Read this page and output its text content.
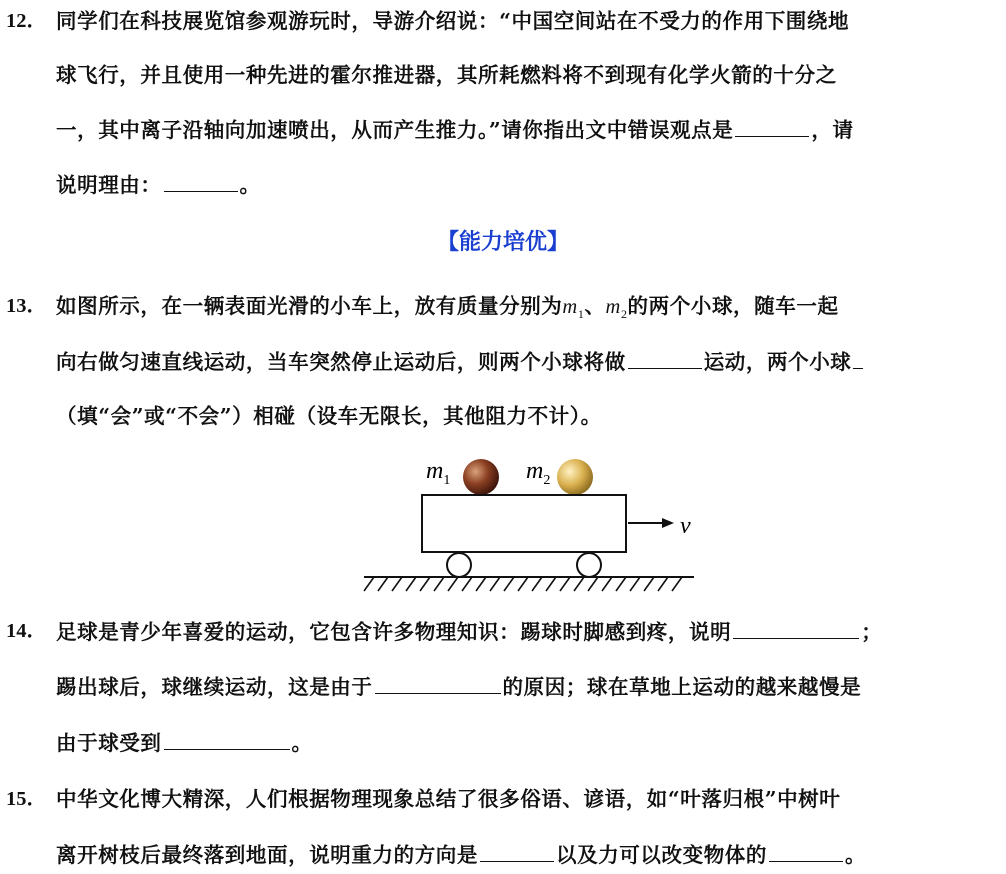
12． 同学们在科技展览馆参观游玩时，导游介绍说：“中国空间站在不受力的作用下围绕地
球飞行，并且使用一种先进的霍尔推进器，其所耗燃料将不到现有化学火箭的十分之
一，其中离子沿轴向加速喷出，从而产生推力。”请你指出文中错误观点是	，请
说明理由：	。
【能力培优】
13． 如图所示，在一辆表面光滑的小车上，放有质量分别为$m_1$、$m_2$的两个小球，随车一起
向右做匀速直线运动，当车突然停止运动后，则两个小球将做	运动，两个小球
（填“会”或“不会”）相碰（设车无限长，其他阻力不计）。
$m_1$	$m_2$
v
14． 足球是青少年喜爱的运动，它包含许多物理知识：踢球时脚感到疼，说明	；
踢出球后，球继续运动，这是由于	的原因；球在草地上运动的越来越慢是
由于球受到	。
15． 中华文化博大精深，人们根据物理现象总结了很多俗语、谚语，如“叶落归根”中树叶
离开树枝后最终落到地面，说明重力的方向是	以及力可以改变物体的	。
